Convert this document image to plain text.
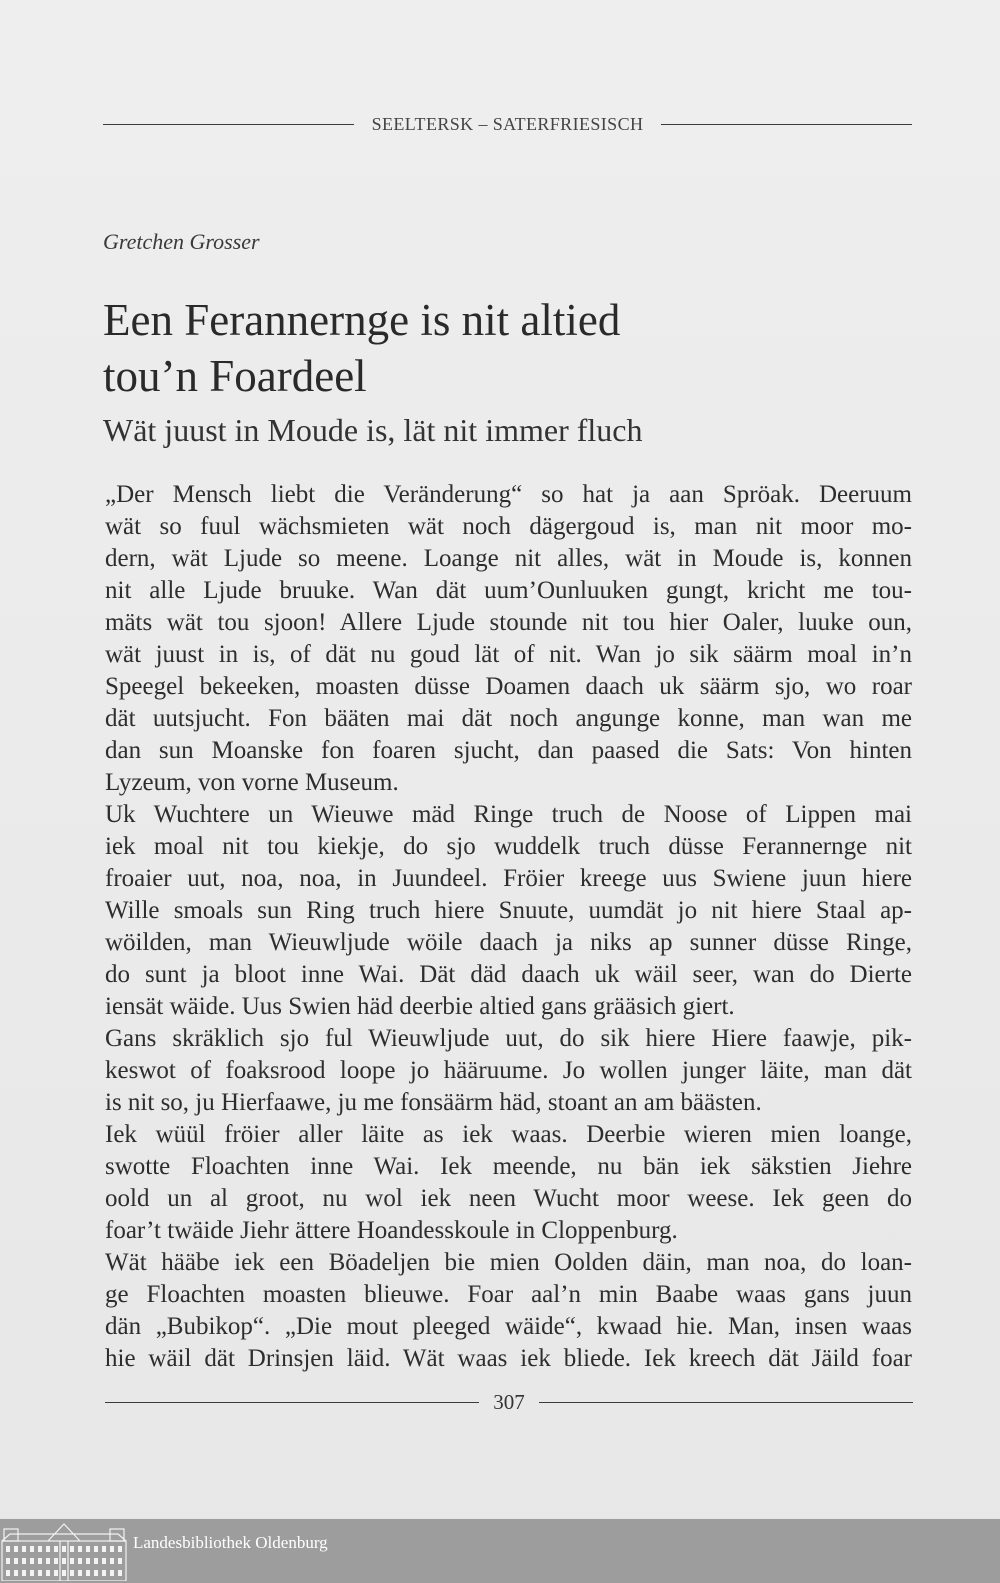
SEELTERSK – SATERFRIESISCH
Gretchen Grosser
Een Ferannernge is nit altied
tou’n Foardeel
Wät juust in Moude is, lät nit immer fluch
„Der Mensch liebt die Veränderung“ so hat ja aan Spröak. Deeruum
wät so fuul wächsmieten wät noch dägergoud is, man nit moor mo-
dern, wät Ljude so meene. Loange nit alles, wät in Moude is, konnen
nit alle Ljude bruuke. Wan dät uum’Ounluuken gungt, kricht me tou-
mäts wät tou sjoon! Allere Ljude stounde nit tou hier Oaler, luuke oun,
wät juust in is, of dät nu goud lät of nit. Wan jo sik säärm moal in’n
Speegel bekeeken, moasten düsse Doamen daach uk säärm sjo, wo roar
dät uutsjucht. Fon bääten mai dät noch angunge konne, man wan me
dan sun Moanske fon foaren sjucht, dan paased die Sats: Von hinten
Lyzeum, von vorne Museum.
Uk Wuchtere un Wieuwe mäd Ringe truch de Noose of Lippen mai
iek moal nit tou kiekje, do sjo wuddelk truch düsse Ferannernge nit
froaier uut, noa, noa, in Juundeel. Fröier kreege uus Swiene juun hiere
Wille smoals sun Ring truch hiere Snuute, uumdät jo nit hiere Staal ap-
wöilden, man Wieuwljude wöile daach ja niks ap sunner düsse Ringe,
do sunt ja bloot inne Wai. Dät däd daach uk wäil seer, wan do Dierte
iensät wäide. Uus Swien häd deerbie altied gans grääsich giert.
Gans skräklich sjo ful Wieuwljude uut, do sik hiere Hiere faawje, pik-
keswot of foaksrood loope jo hääruume. Jo wollen junger läite, man dät
is nit so, ju Hierfaawe, ju me fonsäärm häd, stoant an am bäästen.
Iek wüül fröier aller läite as iek waas. Deerbie wieren mien loange,
swotte Floachten inne Wai. Iek meende, nu bän iek säkstien Jiehre
oold un al groot, nu wol iek neen Wucht moor weese. Iek geen do
foar’t twäide Jiehr ättere Hoandesskoule in Cloppenburg.
Wät hääbe iek een Böadeljen bie mien Oolden däin, man noa, do loan-
ge Floachten moasten blieuwe. Foar aal’n min Baabe waas gans juun
dän „Bubikop“. „Die mout pleeged wäide“, kwaad hie. Man, insen waas
hie wäil dät Drinsjen läid. Wät waas iek bliede. Iek kreech dät Jäild foar
307
Landesbibliothek Oldenburg
